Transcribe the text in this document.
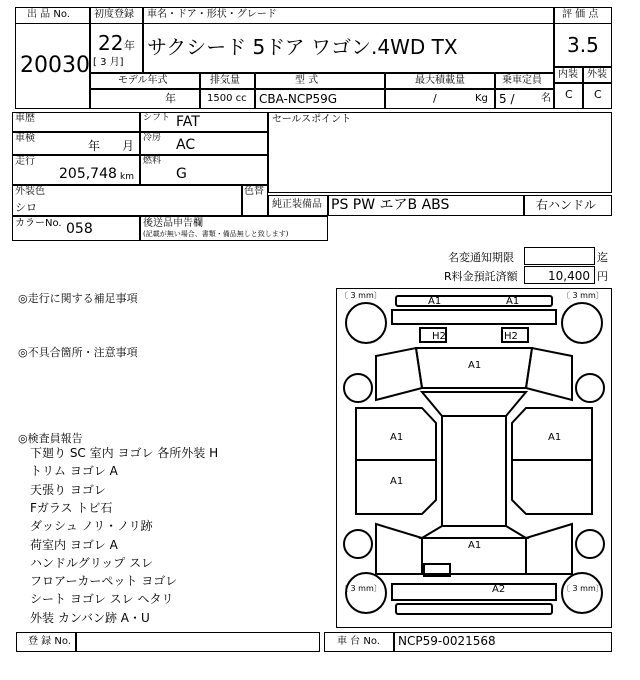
出 品 No.
20030
初度登録
22 年
[ 3 月]
車名・ドア・形状・グレード
サクシード 5ドア ワゴン.4WD TX
評 価 点
3.5
内装 外装
C C
モデル年式
年
排気量
1500 cc
型 式
CBA-NCP59G
最大積載量
/	Kg
乗車定員
5 /	名
車歴	シフト FAT	セールスポイント
車検
年 月
冷房 AC
走行
205,748 km
燃料
G
外装色
シロ
色替
純正装備品 PS PW エアB ABS	右ハンドル
カラーNo. 058	後送品申告欄
(記載が無い場合、書類・備品無しと致します)
名変通知期限	迄
R料金預託済額	10,400 円
◎走行に関する補足事項
◎不具合箇所・注意事項
◎検査員報告
下廻り SC 室内 ヨゴレ 各所外装 H
トリム ヨゴレ A
天張り ヨゴレ
Fガラス トビ石
ダッシュ ノリ・ノリ跡
荷室内 ヨゴレ A
ハンドルグリップ スレ
フロアーカーペット ヨゴレ
シート ヨゴレ スレ ヘタリ
外装 カンバン跡 A・U
〔 3 mm〕	〔 3 mm〕
〔 3 mm〕	〔 3 mm〕
A1	A1
H2	H2
A1
A1	A1
A1
A1
A2
登 録 No.	車 台 No. NCP59-0021568
